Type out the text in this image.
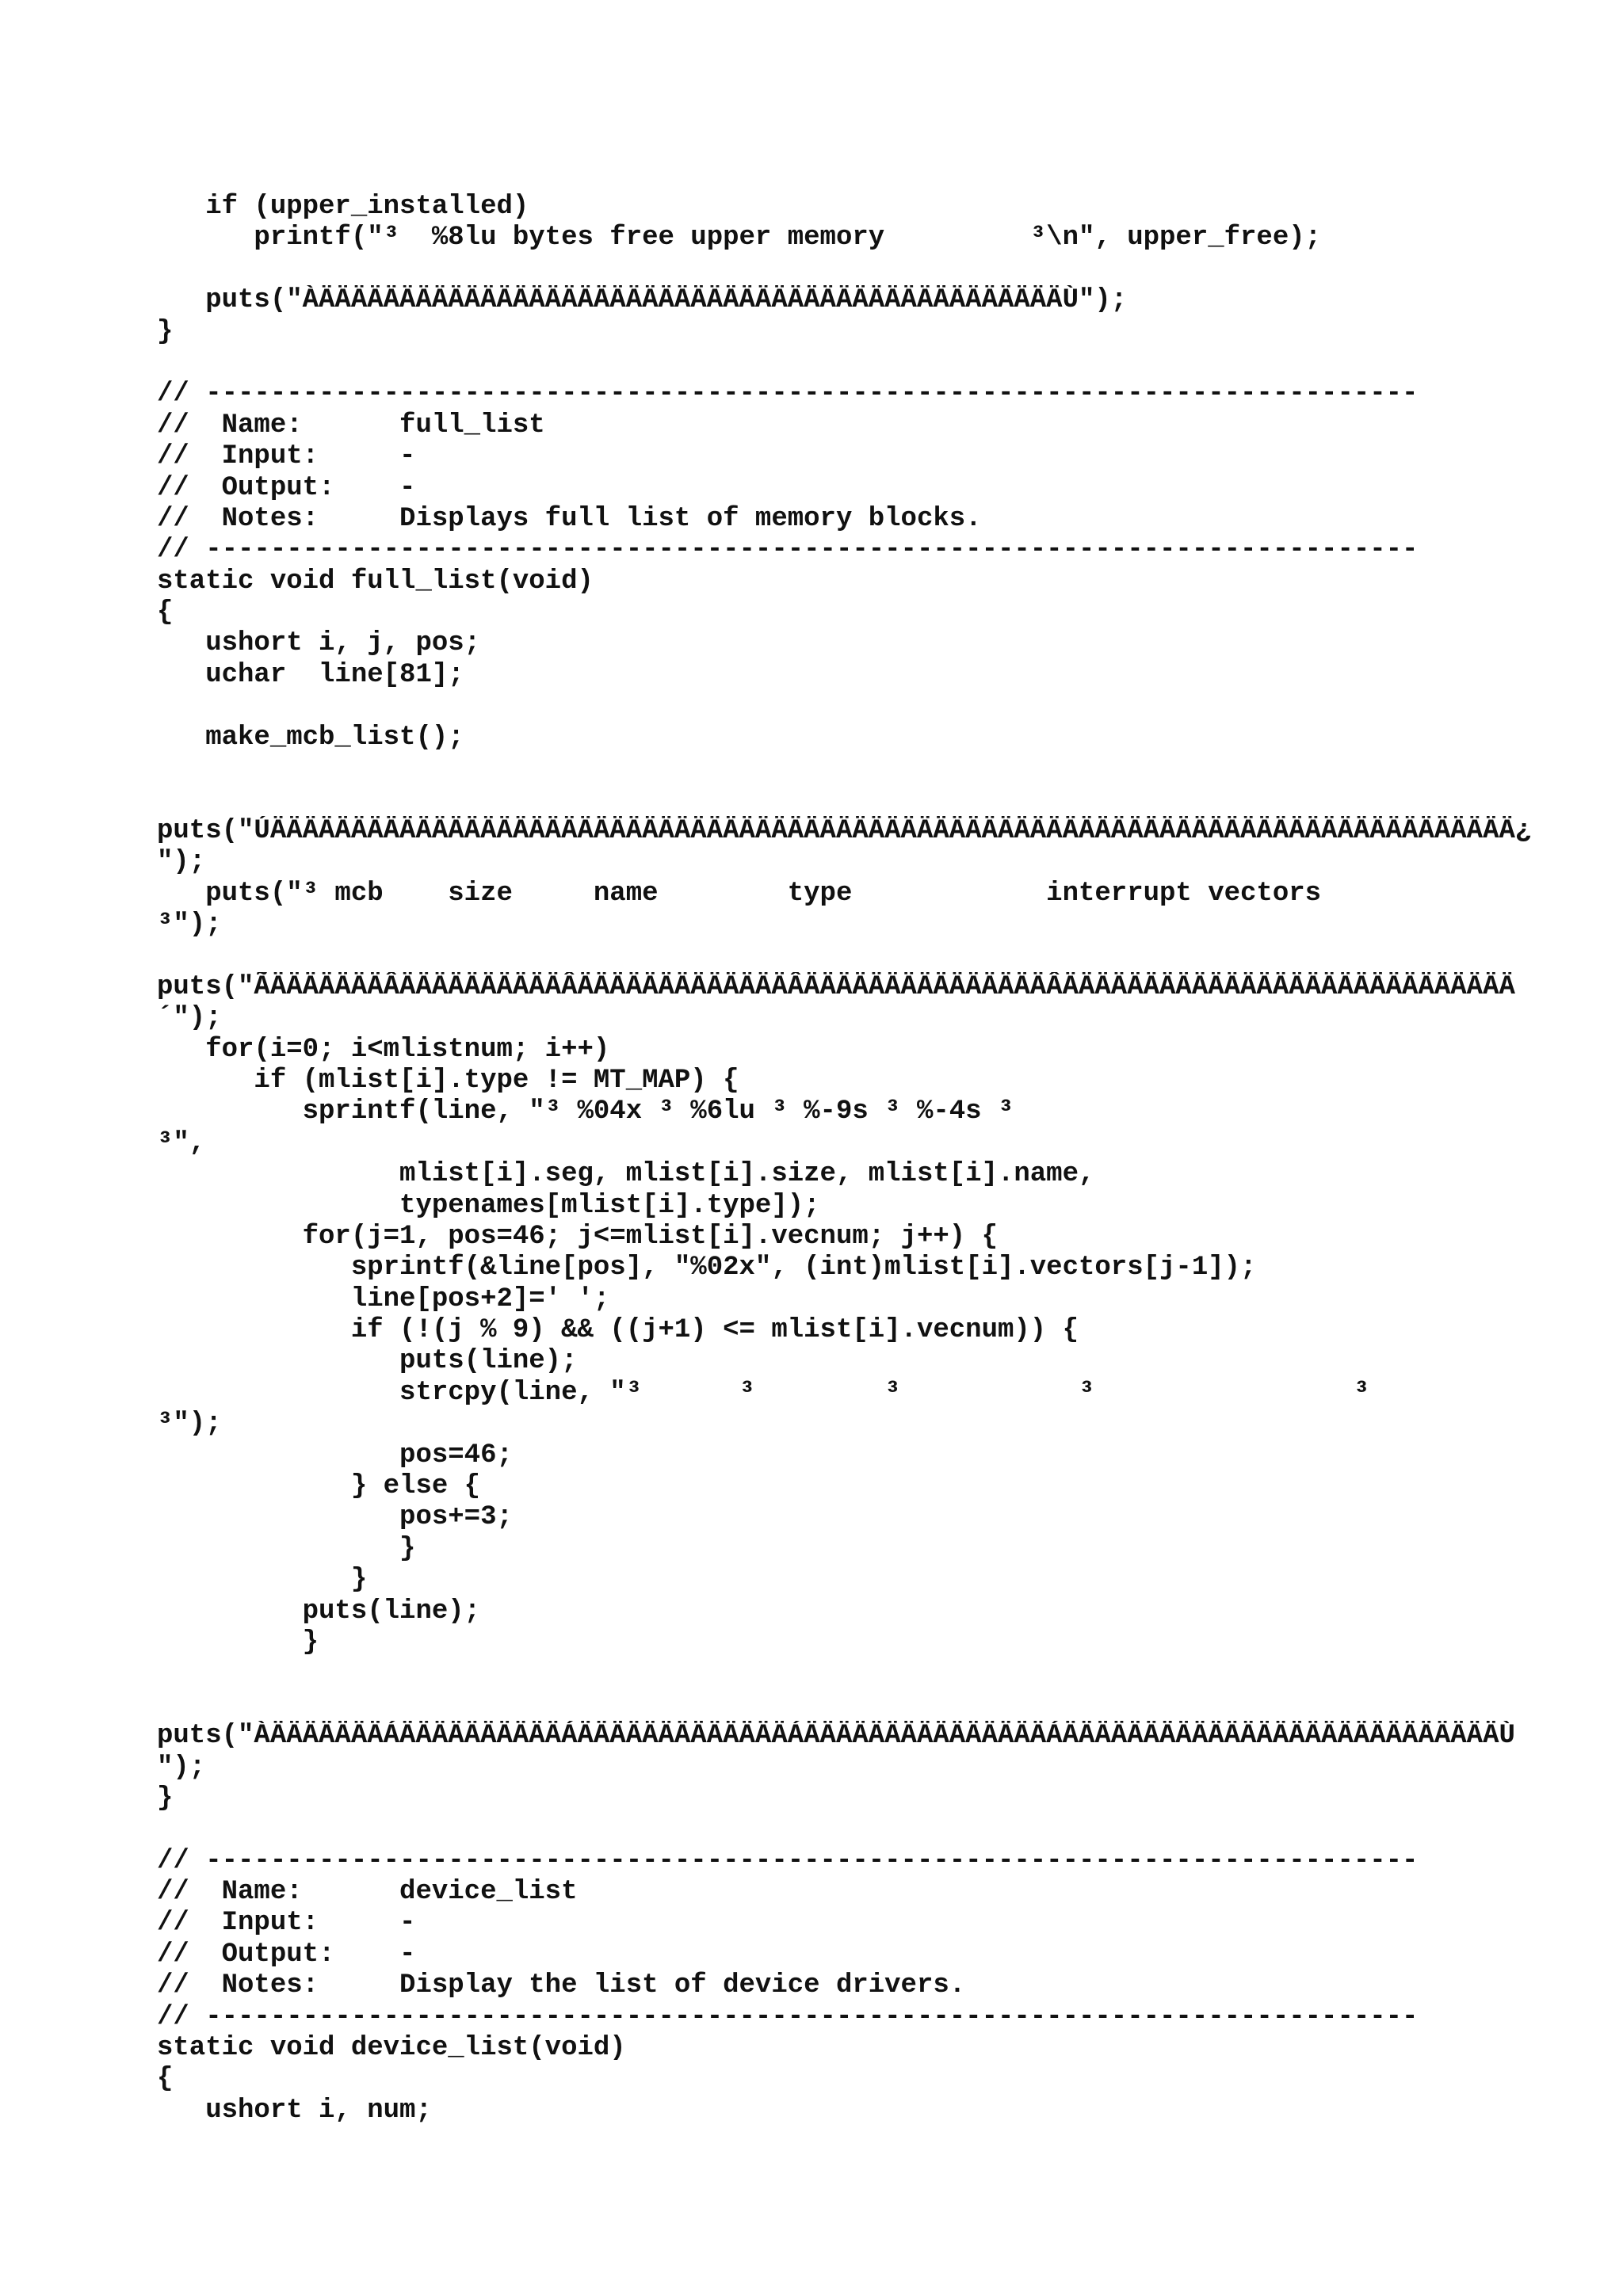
if (upper_installed)
printf("³  %8lu bytes free upper memory         ³\n", upper_free);
puts("ÀÄÄÄÄÄÄÄÄÄÄÄÄÄÄÄÄÄÄÄÄÄÄÄÄÄÄÄÄÄÄÄÄÄÄÄÄÄÄÄÄÄÄÄÄÄÄÙ");
}
// ---------------------------------------------------------------------------
//  Name:      full_list
//  Input:     -
//  Output:    -
//  Notes:     Displays full list of memory blocks.
// ---------------------------------------------------------------------------
static void full_list(void)
{
ushort i, j, pos;
uchar  line[81];
make_mcb_list();
puts("ÚÄÄÄÄÄÄÄÄÄÄÄÄÄÄÄÄÄÄÄÄÄÄÄÄÄÄÄÄÄÄÄÄÄÄÄÄÄÄÄÄÄÄÄÄÄÄÄÄÄÄÄÄÄÄÄÄÄÄÄÄÄÄÄÄÄÄÄÄÄÄÄÄÄÄÄÄÄ¿
");
puts("³ mcb    size     name        type            interrupt vectors
³");
puts("ÃÄÄÄÄÄÄÄÂÄÄÄÄÄÄÄÄÄÄÂÄÄÄÄÄÄÄÄÄÄÄÄÄÂÄÄÄÄÄÄÄÄÄÄÄÄÄÄÄÂÄÄÄÄÄÄÄÄÄÄÄÄÄÄÄÄÄÄÄÄÄÄÄÄÄÄÄÄ
´");
for(i=0; i<mlistnum; i++)
if (mlist[i].type != MT_MAP) {
sprintf(line, "³ %04x ³ %6lu ³ %-9s ³ %-4s ³
³",
mlist[i].seg, mlist[i].size, mlist[i].name,
typenames[mlist[i].type]);
for(j=1, pos=46; j<=mlist[i].vecnum; j++) {
sprintf(&line[pos], "%02x", (int)mlist[i].vectors[j-1]);
line[pos+2]=' ';
if (!(j % 9) && ((j+1) <= mlist[i].vecnum)) {
puts(line);
strcpy(line, "³      ³        ³           ³                ³
³");
pos=46;
} else {
pos+=3;
}
}
puts(line);
}
puts("ÀÄÄÄÄÄÄÄÁÄÄÄÄÄÄÄÄÄÄÁÄÄÄÄÄÄÄÄÄÄÄÄÄÁÄÄÄÄÄÄÄÄÄÄÄÄÄÄÄÁÄÄÄÄÄÄÄÄÄÄÄÄÄÄÄÄÄÄÄÄÄÄÄÄÄÄÄÙ
");
}
// ---------------------------------------------------------------------------
//  Name:      device_list
//  Input:     -
//  Output:    -
//  Notes:     Display the list of device drivers.
// ---------------------------------------------------------------------------
static void device_list(void)
{
ushort i, num;
